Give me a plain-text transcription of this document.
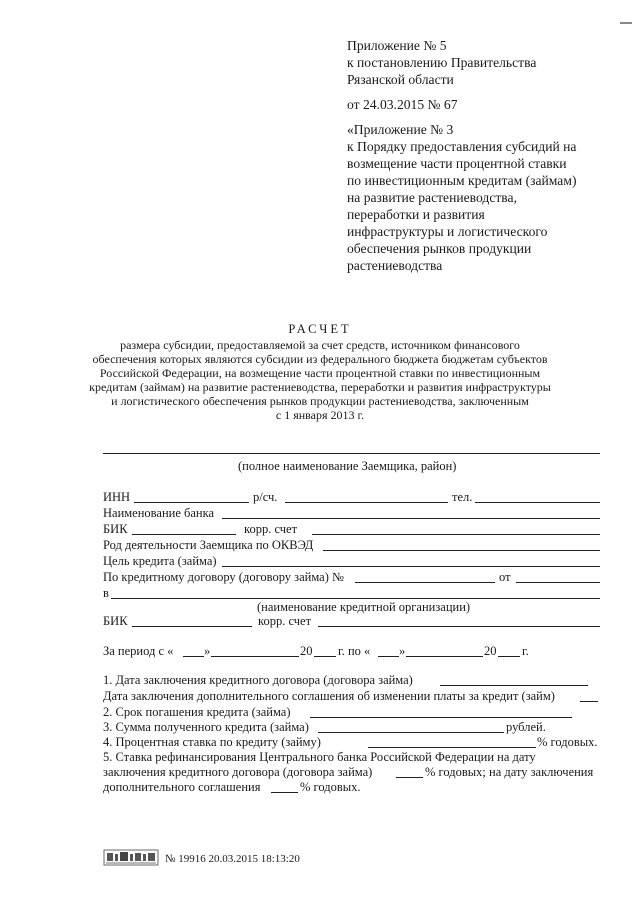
Приложение № 5
к постановлению Правительства
Рязанской области
от 24.03.2015 № 67
«Приложение № 3
к Порядку предоставления субсидий на
возмещение части процентной ставки
по инвестиционным кредитам (займам)
на развитие растениеводства,
переработки и развития
инфраструктуры и логистического
обеспечения рынков продукции
растениеводства
РАСЧЕТ
размера субсидии, предоставляемой за счет средств, источником финансового
обеспечения которых являются субсидии из федерального бюджета бюджетам субъектов
Российской Федерации, на возмещение части процентной ставки по инвестиционным
кредитам (займам) на развитие растениеводства, переработки и развития инфраструктуры
и логистического обеспечения рынков продукции растениеводства, заключенным
с 1 января 2013 г.
(полное наименование Заемщика, район)
ИНН	р/сч.	тел.
Наименование банка
БИК	корр. счет
Род деятельности Заемщика по ОКВЭД
Цель кредита (займа)
По кредитному договору (договору займа) №	от
в
(наименование кредитной организации)
БИК	корр. счет
За период с « »	20 г. по « »	20 г.
1. Дата заключения кредитного договора (договора займа)
Дата заключения дополнительного соглашения об изменении платы за кредит (займ)
2. Срок погашения кредита (займа)
3. Сумма полученного кредита (займа)	рублей.
4. Процентная ставка по кредиту (займу)	% годовых.
5. Ставка рефинансирования Центрального банка Российской Федерации на дату
заключения кредитного договора (договора займа)	% годовых; на дату заключения
дополнительного соглашения	% годовых.
№ 19916 20.03.2015 18:13:20
